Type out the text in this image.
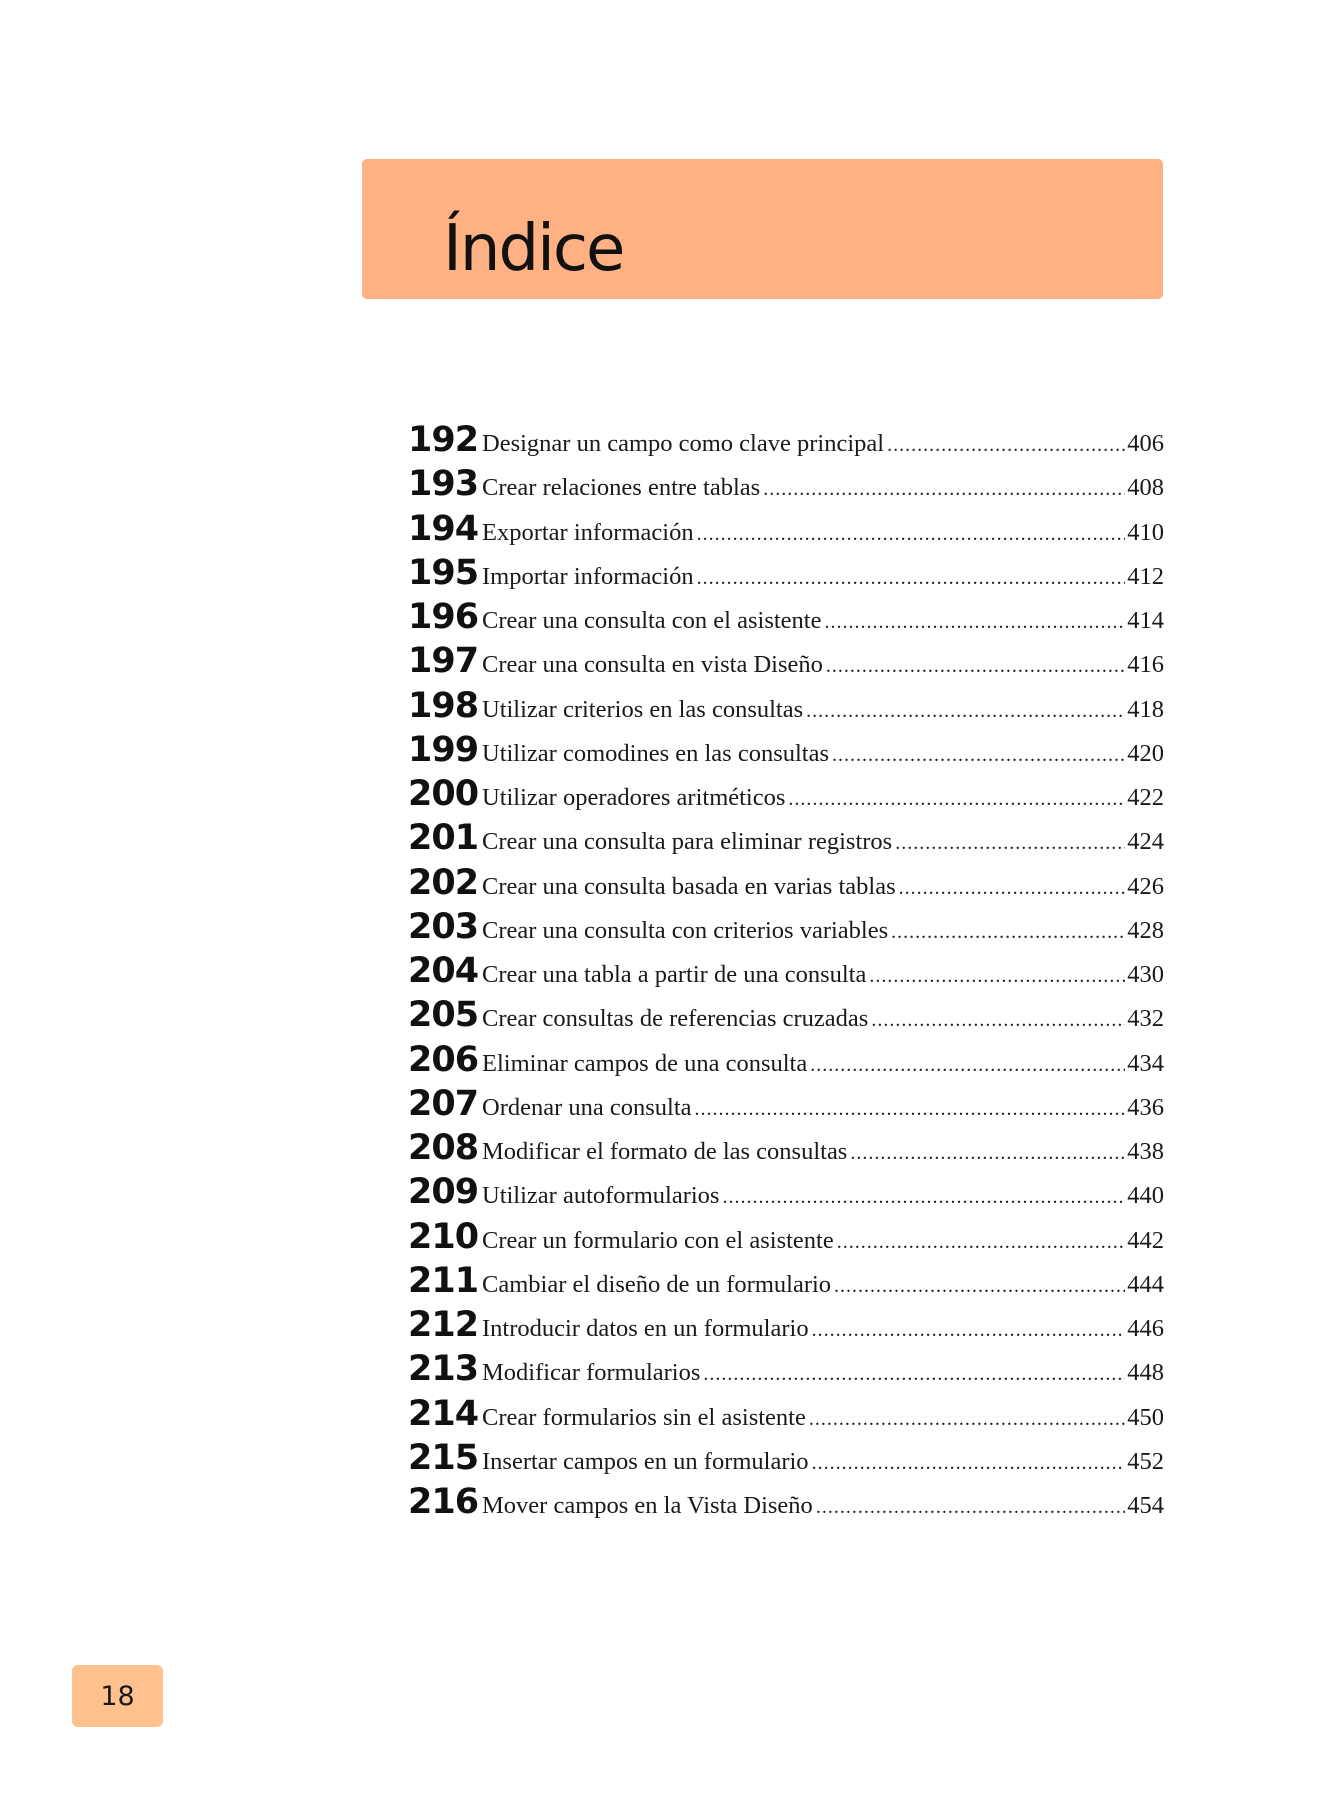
Índice
192 Designar un campo como clave principal .....	406
193 Crear relaciones entre tablas .....	408
194 Exportar información .....	410
195 Importar información .....	412
196 Crear una consulta con el asistente .....	414
197 Crear una consulta en vista Diseño .....	416
198 Utilizar criterios en las consultas .....	418
199 Utilizar comodines en las consultas .....	420
200 Utilizar operadores aritméticos .....	422
201 Crear una consulta para eliminar registros .....	424
202 Crear una consulta basada en varias tablas .....	426
203 Crear una consulta con criterios variables .....	428
204 Crear una tabla a partir de una consulta .....	430
205 Crear consultas de referencias cruzadas .....	432
206 Eliminar campos de una consulta .....	434
207 Ordenar una consulta .....	436
208 Modificar el formato de las consultas .....	438
209 Utilizar autoformularios .....	440
210 Crear un formulario con el asistente .....	442
211 Cambiar el diseño de un formulario .....	444
212 Introducir datos en un formulario .....	446
213 Modificar formularios .....	448
214 Crear formularios sin el asistente .....	450
215 Insertar campos en un formulario .....	452
216 Mover campos en la Vista Diseño .....	454
18
